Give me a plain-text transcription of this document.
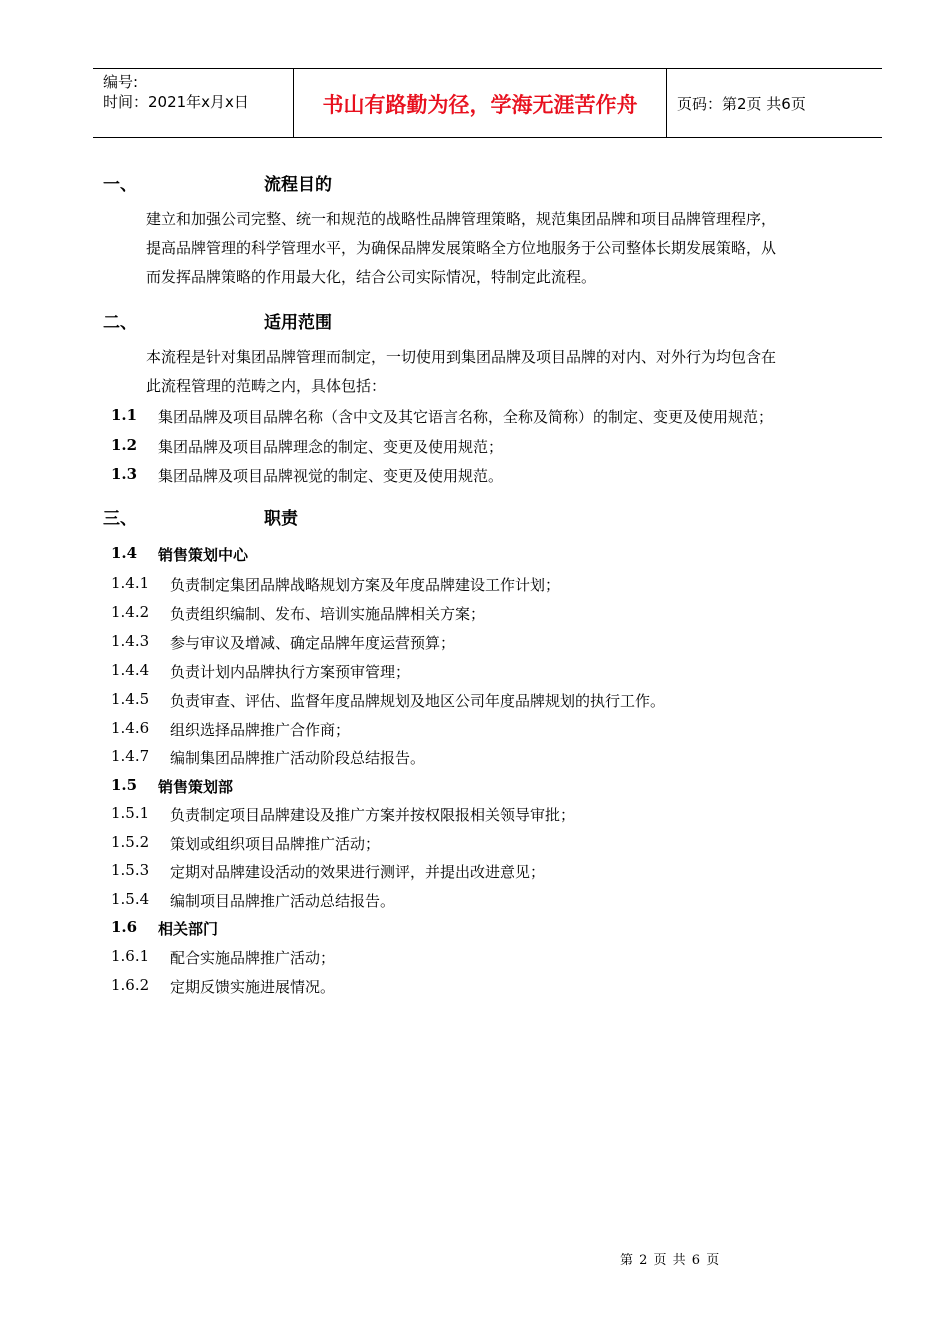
编号:
时间：2021年x月x日	书山有路勤为径，学海无涯苦作舟	页码：第2页 共6页
一、	流程目的
建立和加强公司完整、统一和规范的战略性品牌管理策略，规范集团品牌和项目品牌管理程序，
提高品牌管理的科学管理水平，为确保品牌发展策略全方位地服务于公司整体长期发展策略，从
而发挥品牌策略的作用最大化，结合公司实际情况，特制定此流程。
二、	适用范围
本流程是针对集团品牌管理而制定，一切使用到集团品牌及项目品牌的对内、对外行为均包含在
此流程管理的范畴之内，具体包括：
1.1 集团品牌及项目品牌名称（含中文及其它语言名称，全称及简称）的制定、变更及使用规范；
1.2 集团品牌及项目品牌理念的制定、变更及使用规范；
1.3 集团品牌及项目品牌视觉的制定、变更及使用规范。
三、	职责
1.4 销售策划中心
1.4.1 负责制定集团品牌战略规划方案及年度品牌建设工作计划；
1.4.2 负责组织编制、发布、培训实施品牌相关方案；
1.4.3 参与审议及增减、确定品牌年度运营预算；
1.4.4 负责计划内品牌执行方案预审管理；
1.4.5 负责审查、评估、监督年度品牌规划及地区公司年度品牌规划的执行工作。
1.4.6 组织选择品牌推广合作商；
1.4.7 编制集团品牌推广活动阶段总结报告。
1.5 销售策划部
1.5.1 负责制定项目品牌建设及推广方案并按权限报相关领导审批；
1.5.2 策划或组织项目品牌推广活动；
1.5.3 定期对品牌建设活动的效果进行测评，并提出改进意见；
1.5.4 编制项目品牌推广活动总结报告。
1.6 相关部门
1.6.1 配合实施品牌推广活动；
1.6.2 定期反馈实施进展情况。
第 2 页 共 6 页
